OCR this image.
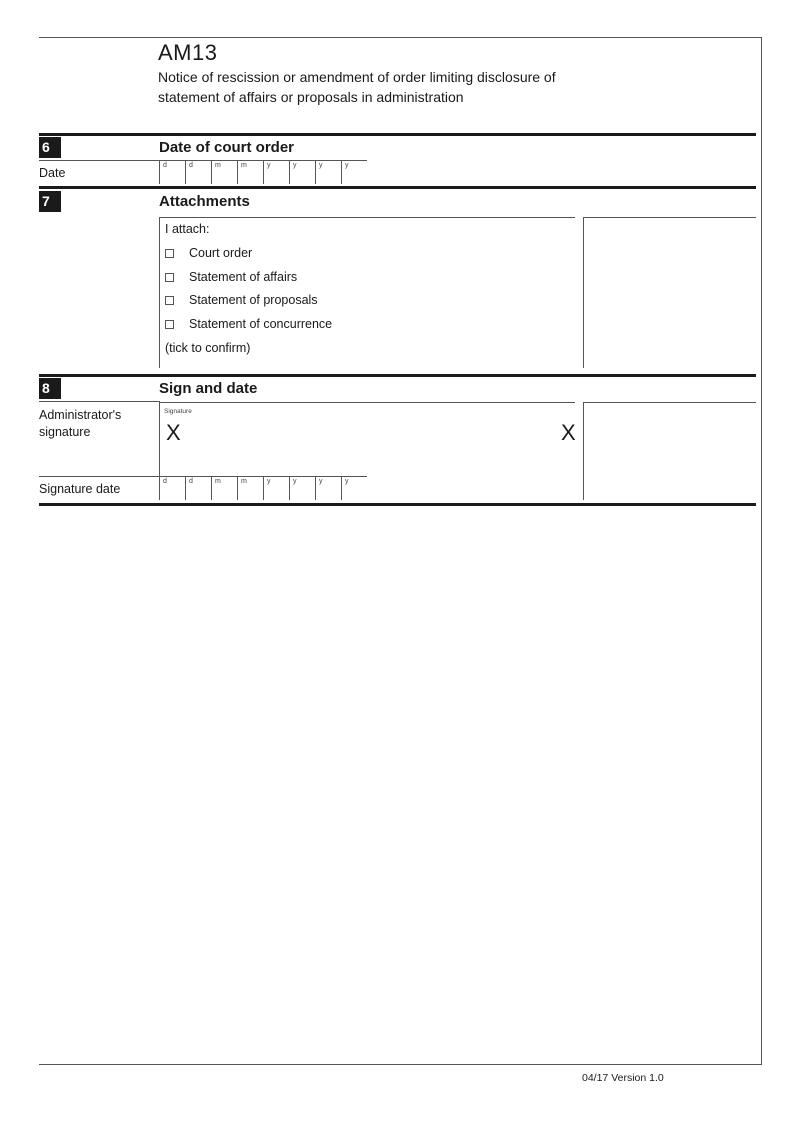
AM13
Notice of rescission or amendment of order limiting disclosure of statement of affairs or proposals in administration
6	Date of court order
Date
d	d	m	m	y	y	y	y
7	Attachments
I attach:
Court order
Statement of affairs
Statement of proposals
Statement of concurrence
(tick to confirm)
8	Sign and date
Administrator's signature
Signature
X	X
Signature date
d	d	m	m	y	y	y	y
04/17 Version 1.0
